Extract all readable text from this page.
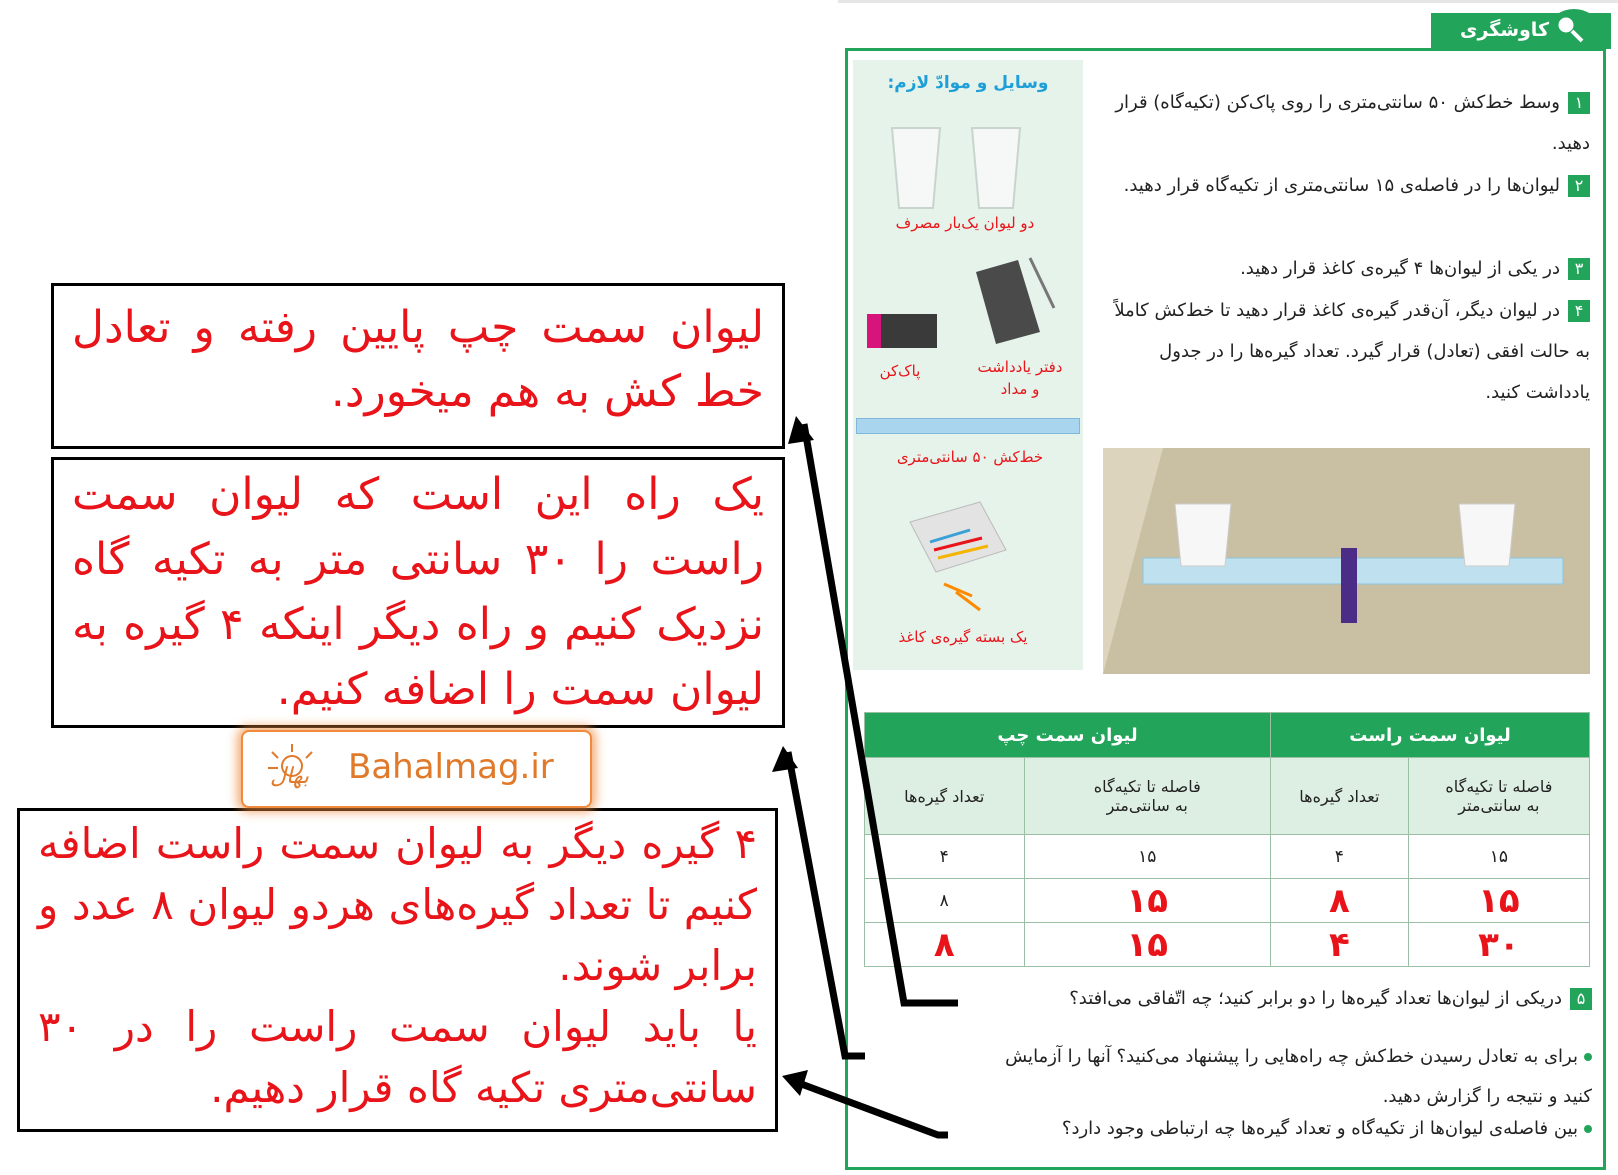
کاوشگری
وسایل و موادّ لازم:
دو لیوان یک‌بار مصرف
پاک‌کن	دفتر یادداشت
و مداد
خط‌کش ۵۰ سانتی‌متری
یک بسته گیره‌ی کاغذ
۱وسط خط‌کش ۵۰ سانتی‌متری را روی پاک‌کن (تکیه‌گاه) قرار دهید.
۲لیوان‌ها را در فاصله‌ی ۱۵ سانتی‌متری از تکیه‌گاه قرار دهید.
۳در یکی از لیوان‌ها ۴ گیره‌ی کاغذ قرار دهید.
۴در لیوان دیگر، آن‌قدر گیره‌ی کاغذ قرار دهید تا خط‌کش کاملاً به حالت افقی (تعادل) قرار گیرد. تعداد گیره‌ها را در جدول یادداشت کنید.
لیوان سمت راست		لیوان سمت چپ	
فاصله تا تکیه‌گاه
به سانتی‌متر	تعداد گیره‌ها	فاصله تا تکیه‌گاه
به سانتی‌متر	تعداد گیره‌ها
۱۵	۴	۱۵	۴
۱۵	۸	۱۵	۸
۳۰	۴	۱۵	۸
۵دریکی از لیوان‌ها تعداد گیره‌ها را دو برابر کنید؛ چه اتّفاقی می‌افتد؟
برای به تعادل رسیدن خط‌کش چه راه‌هایی را پیشنهاد می‌کنید؟ آنها را آزمایش
کنید و نتیجه را گزارش دهید.
بین فاصله‌ی لیوان‌ها از تکیه‌گاه و تعداد گیره‌ها چه ارتباطی وجود دارد؟

لیوان سمت چپ پایین رفته و تعادل خط کش به هم میخورد.

یک راه این است که لیوان سمت راست را ۳۰ سانتی متر به تکیه گاه نزدیک کنیم و راه دیگر اینکه ۴ گیره به لیوان سمت را اضافه کنیم.

۴ گیره دیگر به لیوان سمت راست اضافه کنیم تا تعداد گیره‌های هردو لیوان ۸ عدد و برابر شوند.

یا باید لیوان سمت راست را در ۳۰ سانتی‌متری تکیه گاه قرار دهیم.

بهال Bahalmag.ir
